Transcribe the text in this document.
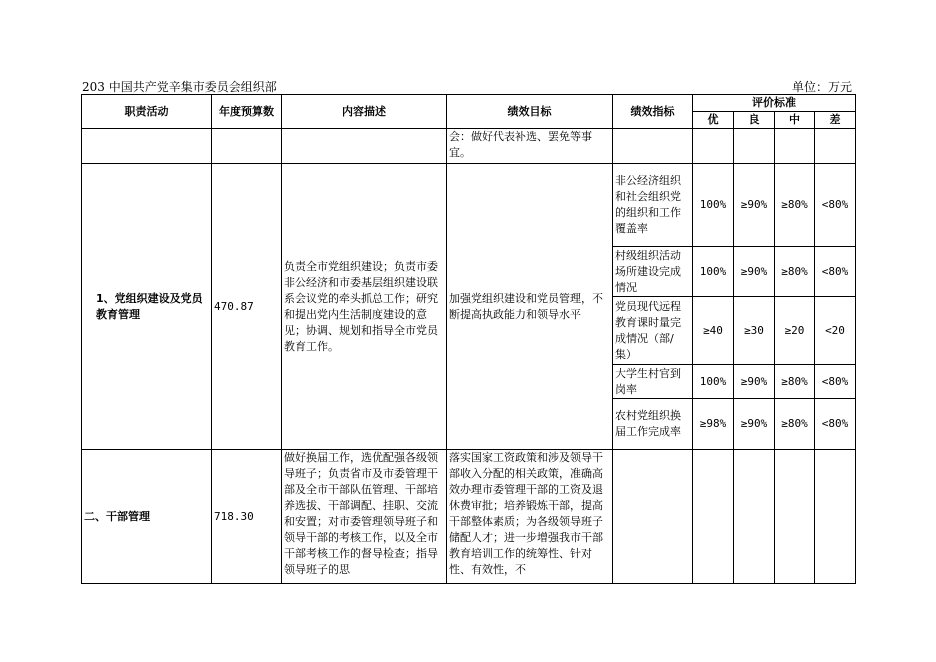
203 中国共产党辛集市委员会组织部	单位：万元
职责活动	年度预算数	内容描述	绩效目标	绩效指标	评价标准			
					优	良	中	差
			会：做好代表补选、罢免等事宜。					
1、党组织建设及党员教育管理	470.87	负责全市党组织建设；负责市委非公经济和市委基层组织建设联系会议党的牵头抓总工作；研究和提出党内生活制度建设的意见；协调、规划和指导全市党员教育工作。	加强党组织建设和党员管理，不断提高执政能力和领导水平	非公经济组织和社会组织党的组织和工作覆盖率	100%	≥90%	≥80%	<80%
				村级组织活动场所建设完成情况	100%	≥90%	≥80%	<80%
				党员现代远程教育课时量完成情况（部/集）	≥40	≥30	≥20	<20
				大学生村官到岗率	100%	≥90%	≥80%	<80%
				农村党组织换届工作完成率	≥98%	≥90%	≥80%	<80%
二、干部管理	718.30	做好换届工作，选优配强各级领导班子；负责省市及市委管理干部及全市干部队伍管理、干部培养选拔、干部调配、挂职、交流和安置；对市委管理领导班子和领导干部的考核工作，以及全市干部考核工作的督导检查；指导领导班子的思	落实国家工资政策和涉及领导干部收入分配的相关政策，准确高效办理市委管理干部的工资及退休费审批；培养锻炼干部，提高干部整体素质；为各级领导班子储配人才；进一步增强我市干部教育培训工作的统筹性、针对性、有效性，不					
